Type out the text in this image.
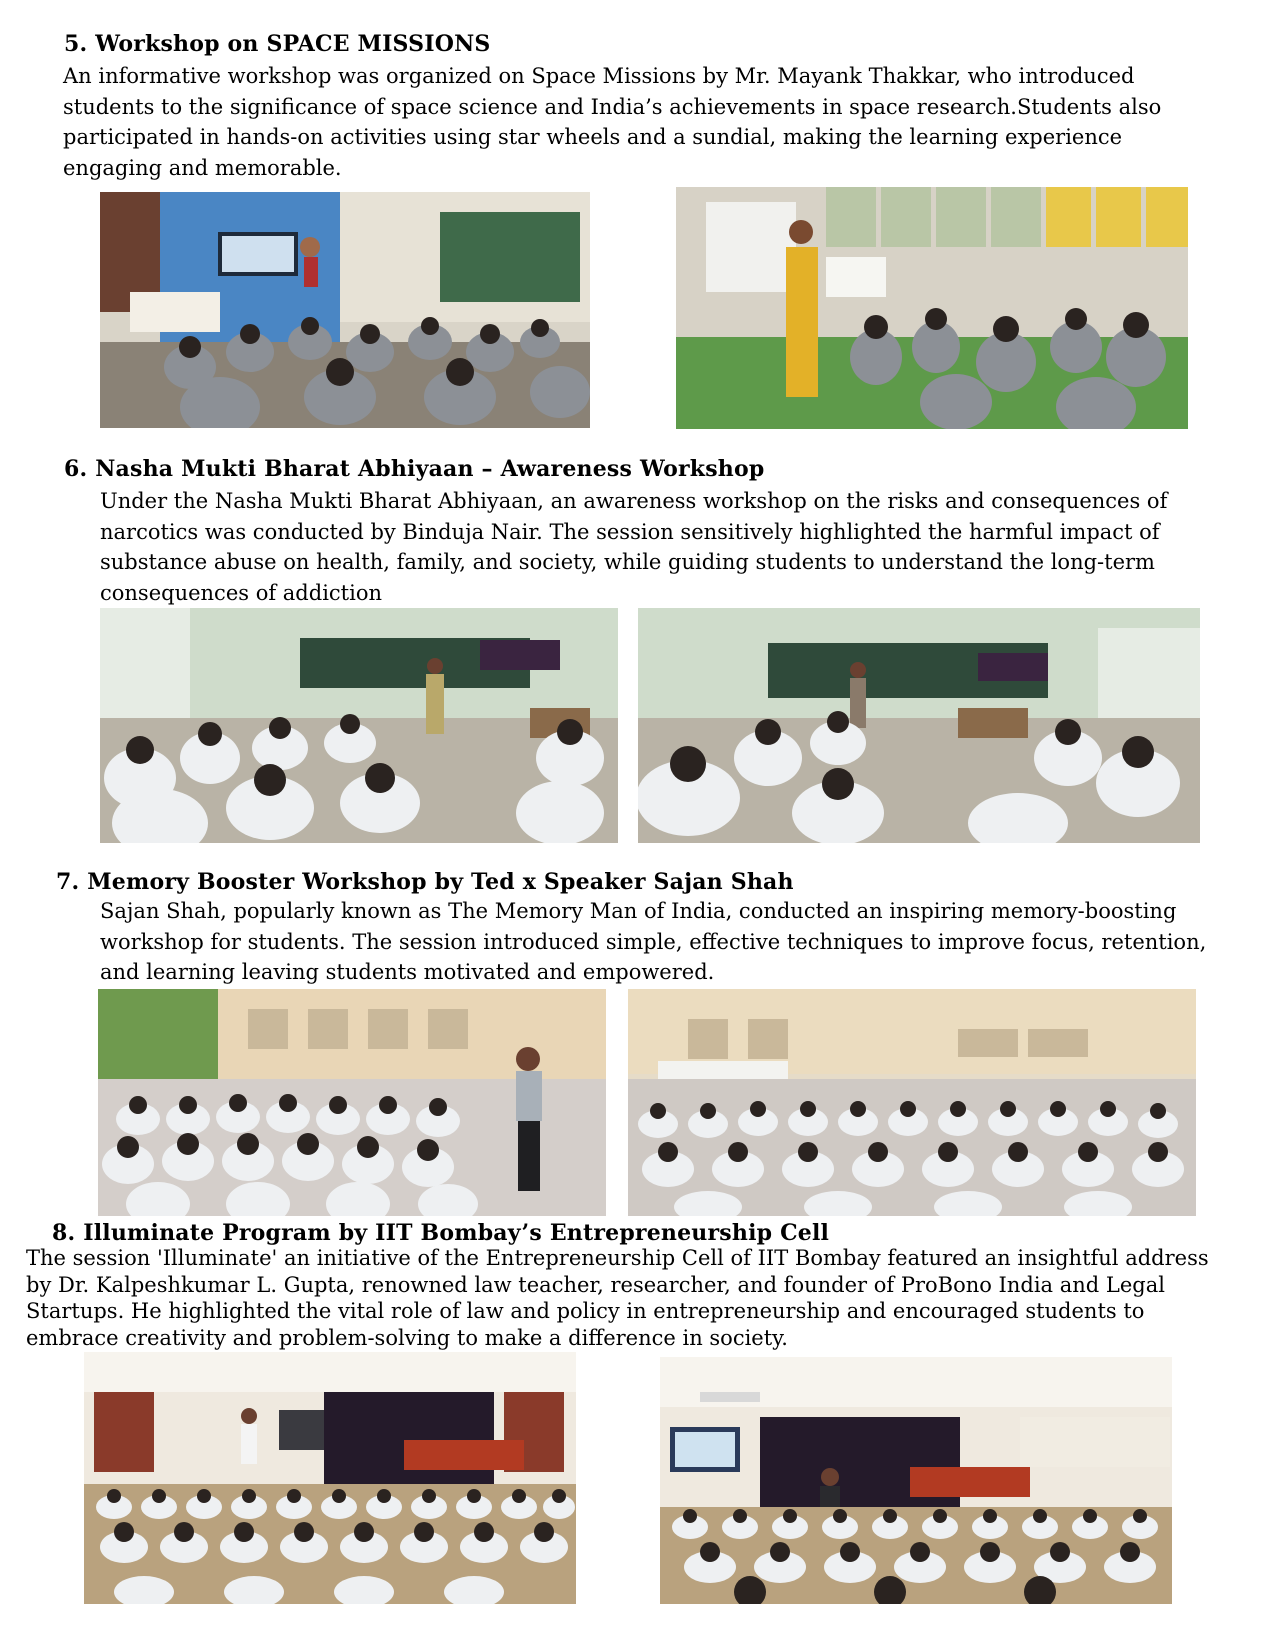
5. Workshop on SPACE MISSIONS

An informative workshop was organized on Space Missions by Mr. Mayank Thakkar, who introduced

students to the significance of space science and India’s achievements in space research.Students also

participated in hands-on activities using star wheels and a sundial, making the learning experience

engaging and memorable.

6. Nasha Mukti Bharat Abhiyaan – Awareness Workshop

Under the Nasha Mukti Bharat Abhiyaan, an awareness workshop on the risks and consequences of

narcotics was conducted by Binduja Nair. The session sensitively highlighted the harmful impact of

substance abuse on health, family, and society, while guiding students to understand the long-term

consequences of addiction

7. Memory Booster Workshop by Ted x Speaker Sajan Shah

Sajan Shah, popularly known as The Memory Man of India, conducted an inspiring memory-boosting

workshop for students. The session introduced simple, effective techniques to improve focus, retention,

and learning leaving students motivated and empowered.

8. Illuminate Program by IIT Bombay’s Entrepreneurship Cell

The session 'Illuminate' an initiative of the Entrepreneurship Cell of IIT Bombay featured an insightful address

by Dr. Kalpeshkumar L. Gupta, renowned law teacher, researcher, and founder of ProBono India and Legal

Startups. He highlighted the vital role of law and policy in entrepreneurship and encouraged students to

embrace creativity and problem-solving to make a difference in society.
